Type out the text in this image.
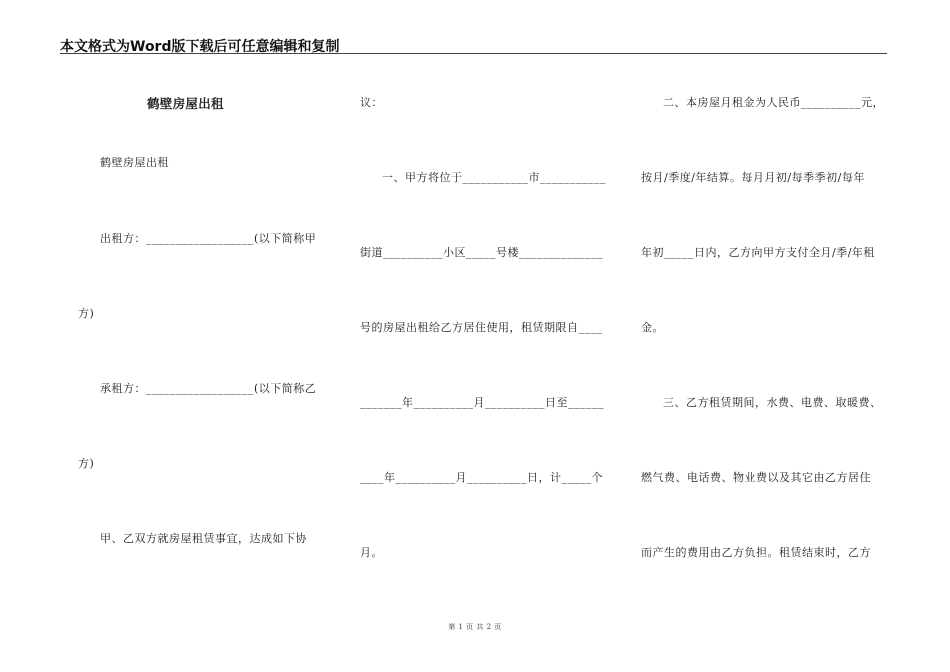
本文格式为Word版下载后可任意编辑和复制
鹤壁房屋出租
鹤壁房屋出租
出租方：__________________(以下简称甲
方)
承租方：__________________(以下简称乙
方)
甲、乙双方就房屋租赁事宜，达成如下协
议：
一、甲方将位于___________市___________
街道__________小区_____号楼______________
号的房屋出租给乙方居住使用，租赁期限自____
_______年__________月__________日至______
____年__________月__________日，计_____个
月。
二、本房屋月租金为人民币__________元，
按月/季度/年结算。每月月初/每季季初/每年
年初_____日内，乙方向甲方支付全月/季/年租
金。
三、乙方租赁期间，水费、电费、取暖费、
燃气费、电话费、物业费以及其它由乙方居住
而产生的费用由乙方负担。租赁结束时，乙方
第 1 页 共 2 页
